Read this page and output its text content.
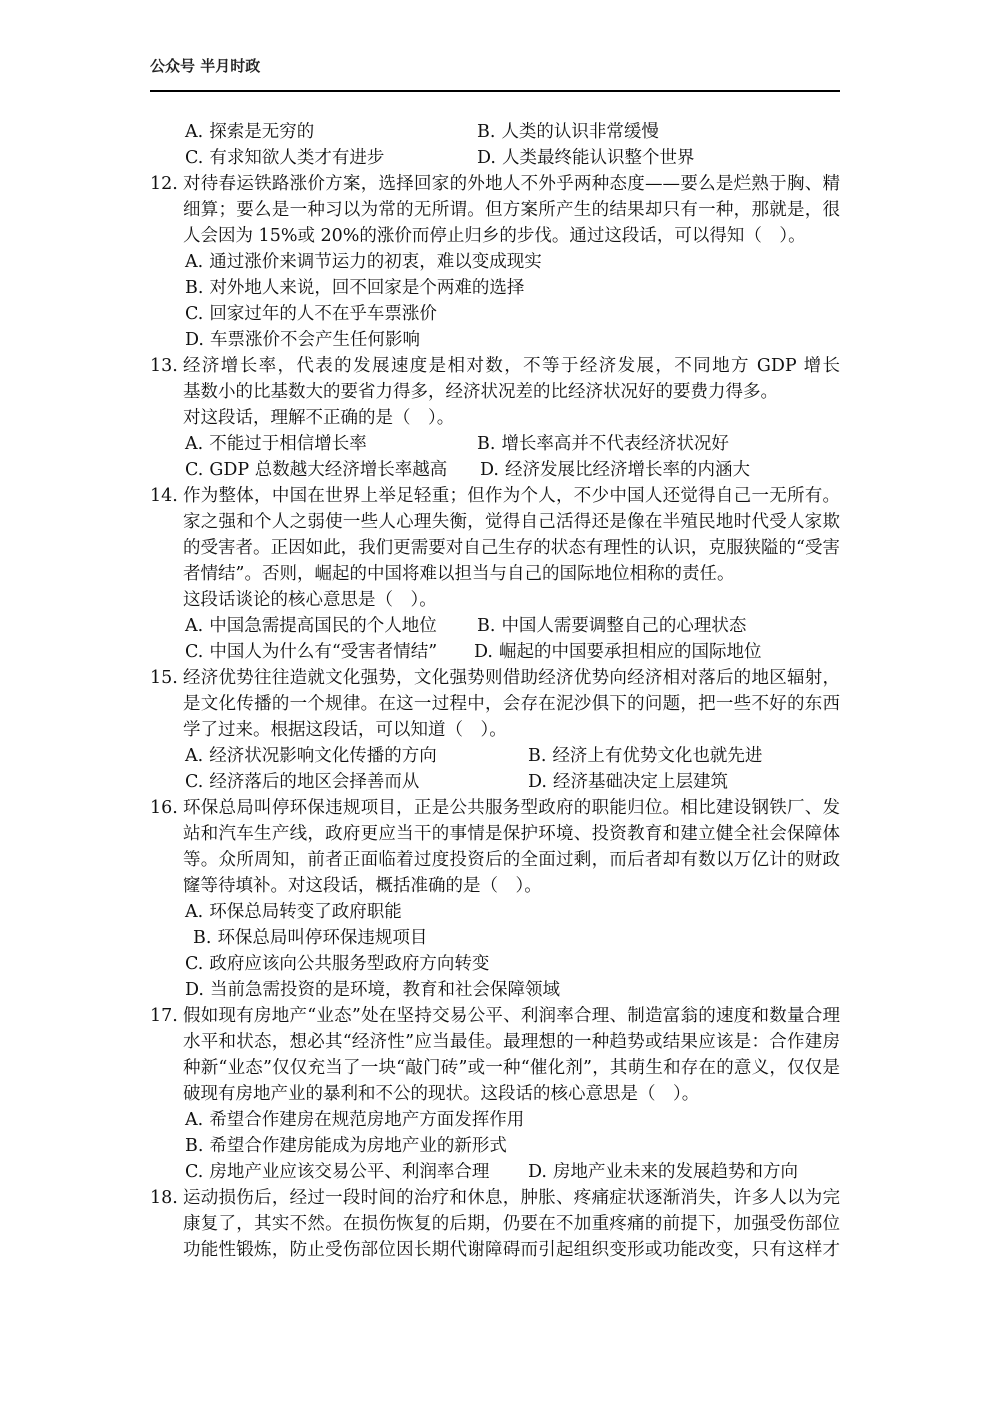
公众号 半月时政
A. 探索是无穷的	B. 人类的认识非常缓慢
C. 有求知欲人类才有进步	D. 人类最终能认识整个世界
12. 对待春运铁路涨价方案，选择回家的外地人不外乎两种态度——要么是烂熟于胸、精
细算；要么是一种习以为常的无所谓。但方案所产生的结果却只有一种，那就是，很
人会因为 15%或 20%的涨价而停止归乡的步伐。通过这段话，可以得知（　）。
A. 通过涨价来调节运力的初衷，难以变成现实
B. 对外地人来说，回不回家是个两难的选择
C. 回家过年的人不在乎车票涨价
D. 车票涨价不会产生任何影响
13. 经济增长率，代表的发展速度是相对数，不等于经济发展，不同地方 GDP 增长
基数小的比基数大的要省力得多，经济状况差的比经济状况好的要费力得多。
对这段话，理解不正确的是（　）。
A. 不能过于相信增长率	B. 增长率高并不代表经济状况好
C. GDP 总数越大经济增长率越高 D. 经济发展比经济增长率的内涵大
14. 作为整体，中国在世界上举足轻重；但作为个人，不少中国人还觉得自己一无所有。
家之强和个人之弱使一些人心理失衡，觉得自己活得还是像在半殖民地时代受人家欺
的受害者。正因如此，我们更需要对自己生存的状态有理性的认识，克服狭隘的“受害
者情结”。否则，崛起的中国将难以担当与自己的国际地位相称的责任。
这段话谈论的核心意思是（　）。
A. 中国急需提高国民的个人地位 B. 中国人需要调整自己的心理状态
C. 中国人为什么有“受害者情结” D. 崛起的中国要承担相应的国际地位
15. 经济优势往往造就文化强势，文化强势则借助经济优势向经济相对落后的地区辐射，
是文化传播的一个规律。在这一过程中，会存在泥沙俱下的问题，把一些不好的东西
学了过来。根据这段话，可以知道（　）。
A. 经济状况影响文化传播的方向	B. 经济上有优势文化也就先进
C. 经济落后的地区会择善而从	D. 经济基础决定上层建筑
16. 环保总局叫停环保违规项目，正是公共服务型政府的职能归位。相比建设钢铁厂、发
站和汽车生产线，政府更应当干的事情是保护环境、投资教育和建立健全社会保障体
等。众所周知，前者正面临着过度投资后的全面过剩，而后者却有数以万亿计的财政
窿等待填补。对这段话，概括准确的是（　）。
A. 环保总局转变了政府职能
B. 环保总局叫停环保违规项目
C. 政府应该向公共服务型政府方向转变
D. 当前急需投资的是环境，教育和社会保障领域
17. 假如现有房地产“业态”处在坚持交易公平、利润率合理、制造富翁的速度和数量合理
水平和状态，想必其“经济性”应当最佳。最理想的一种趋势或结果应该是：合作建房
种新“业态”仅仅充当了一块“敲门砖”或一种“催化剂”，其萌生和存在的意义，仅仅是
破现有房地产业的暴利和不公的现状。这段话的核心意思是（　）。
A. 希望合作建房在规范房地产方面发挥作用
B. 希望合作建房能成为房地产业的新形式
C. 房地产业应该交易公平、利润率合理 D. 房地产业未来的发展趋势和方向
18. 运动损伤后，经过一段时间的治疗和休息，肿胀、疼痛症状逐渐消失，许多人以为完
康复了，其实不然。在损伤恢复的后期，仍要在不加重疼痛的前提下，加强受伤部位
功能性锻炼，防止受伤部位因长期代谢障碍而引起组织变形或功能改变，只有这样才
